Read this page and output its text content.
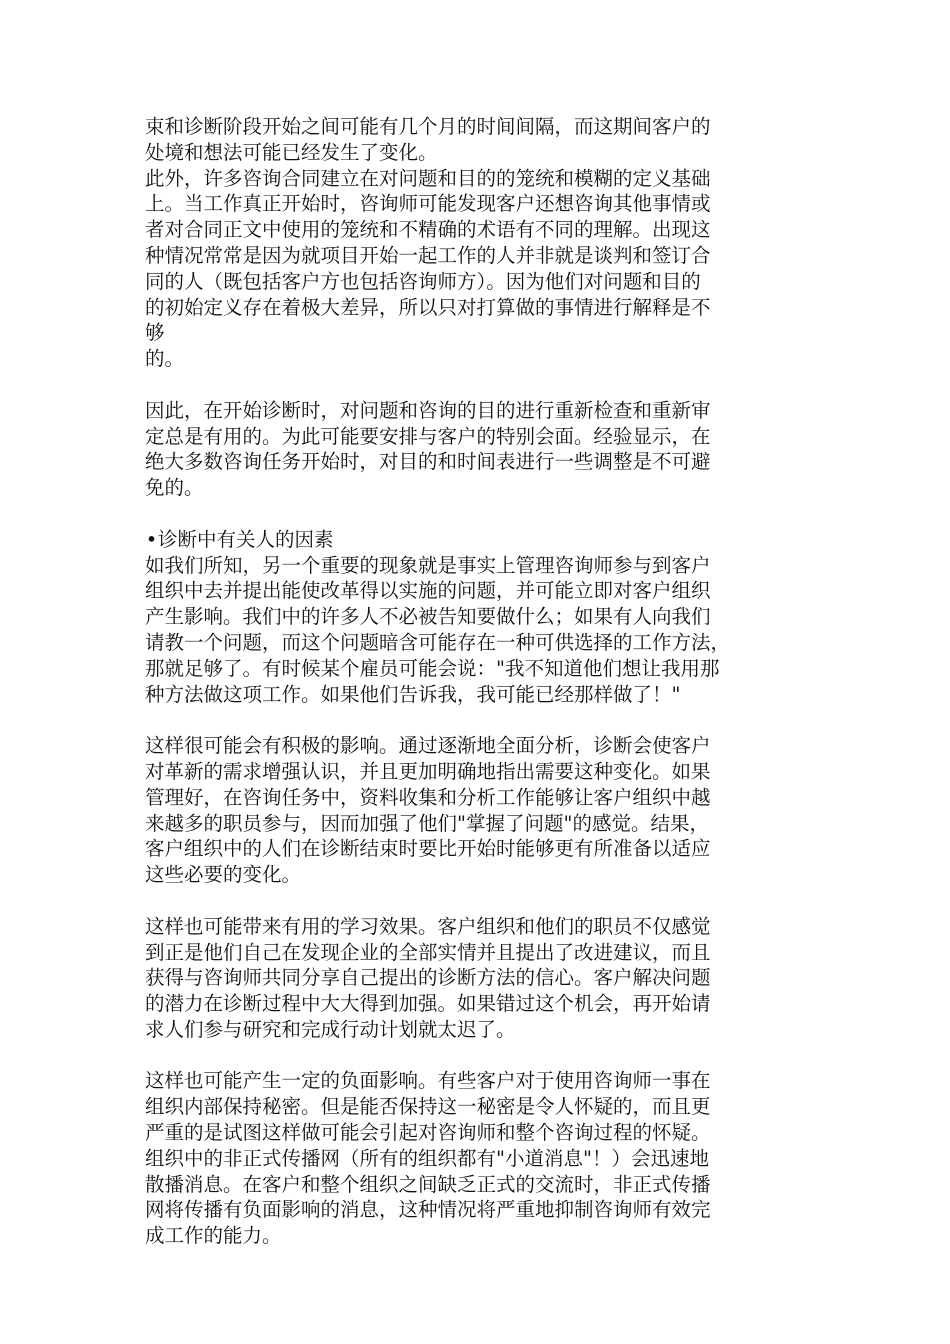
束和诊断阶段开始之间可能有几个月的时间间隔，而这期间客户的
处境和想法可能已经发生了变化。
此外，许多咨询合同建立在对问题和目的的笼统和模糊的定义基础
上。当工作真正开始时，咨询师可能发现客户还想咨询其他事情或
者对合同正文中使用的笼统和不精确的术语有不同的理解。出现这
种情况常常是因为就项目开始一起工作的人并非就是谈判和签订合
同的人（既包括客户方也包括咨询师方）。因为他们对问题和目的
的初始定义存在着极大差异，所以只对打算做的事情进行解释是不
够
的。
因此，在开始诊断时，对问题和咨询的目的进行重新检查和重新审
定总是有用的。为此可能要安排与客户的特别会面。经验显示，在
绝大多数咨询任务开始时，对目的和时间表进行一些调整是不可避
免的。
•诊断中有关人的因素
如我们所知，另一个重要的现象就是事实上管理咨询师参与到客户
组织中去并提出能使改革得以实施的问题，并可能立即对客户组织
产生影响。我们中的许多人不必被告知要做什么；如果有人向我们
请教一个问题，而这个问题暗含可能存在一种可供选择的工作方法，
那就足够了。有时候某个雇员可能会说："我不知道他们想让我用那
种方法做这项工作。如果他们告诉我，我可能已经那样做了！"
这样很可能会有积极的影响。通过逐渐地全面分析，诊断会使客户
对革新的需求增强认识，并且更加明确地指出需要这种变化。如果
管理好，在咨询任务中，资料收集和分析工作能够让客户组织中越
来越多的职员参与，因而加强了他们"掌握了问题"的感觉。结果，
客户组织中的人们在诊断结束时要比开始时能够更有所准备以适应
这些必要的变化。
这样也可能带来有用的学习效果。客户组织和他们的职员不仅感觉
到正是他们自己在发现企业的全部实情并且提出了改进建议，而且
获得与咨询师共同分享自己提出的诊断方法的信心。客户解决问题
的潜力在诊断过程中大大得到加强。如果错过这个机会，再开始请
求人们参与研究和完成行动计划就太迟了。
这样也可能产生一定的负面影响。有些客户对于使用咨询师一事在
组织内部保持秘密。但是能否保持这一秘密是令人怀疑的，而且更
严重的是试图这样做可能会引起对咨询师和整个咨询过程的怀疑。
组织中的非正式传播网（所有的组织都有"小道消息"！）会迅速地
散播消息。在客户和整个组织之间缺乏正式的交流时，非正式传播
网将传播有负面影响的消息，这种情况将严重地抑制咨询师有效完
成工作的能力。
